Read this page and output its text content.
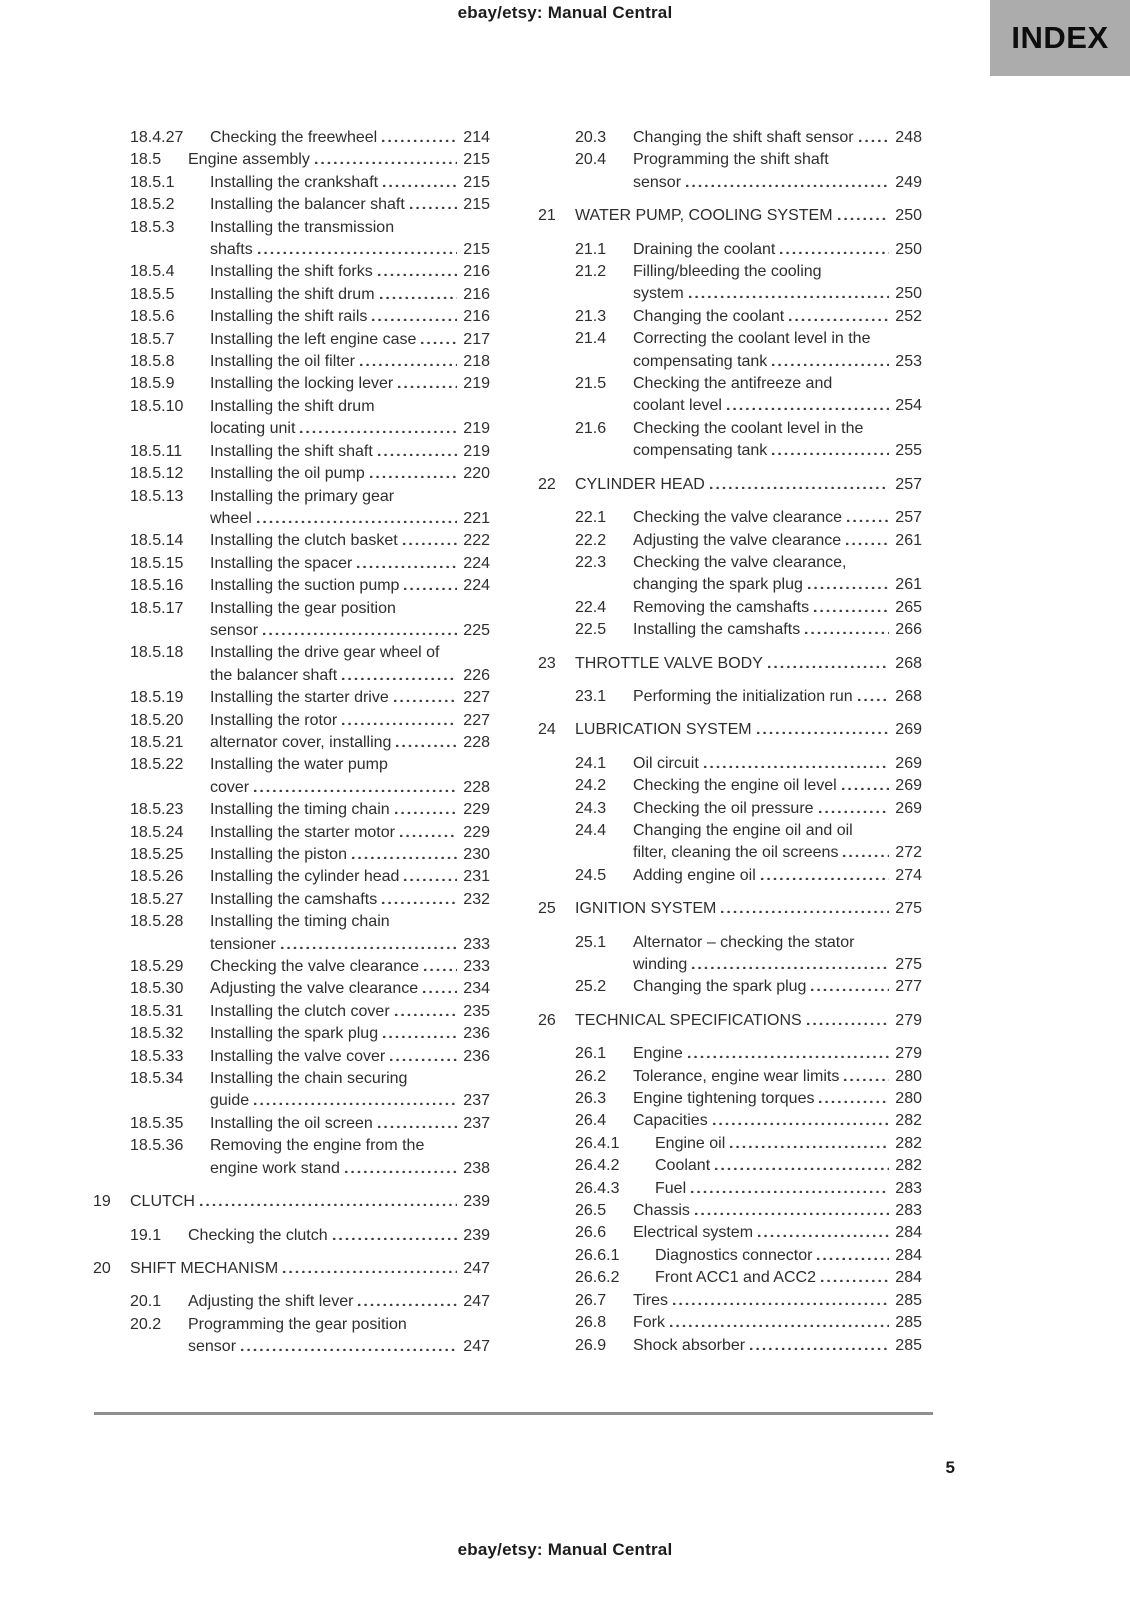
ebay/etsy: Manual Central
INDEX
18.4.27	Checking the freewheel	214
18.5	Engine assembly	215
18.5.1	Installing the crankshaft	215
18.5.2	Installing the balancer shaft	215
18.5.3	Installing the transmission
shafts	215
18.5.4	Installing the shift forks	216
18.5.5	Installing the shift drum	216
18.5.6	Installing the shift rails	216
18.5.7	Installing the left engine case	217
18.5.8	Installing the oil filter	218
18.5.9	Installing the locking lever	219
18.5.10	Installing the shift drum
locating unit	219
18.5.11	Installing the shift shaft	219
18.5.12	Installing the oil pump	220
18.5.13	Installing the primary gear
wheel	221
18.5.14	Installing the clutch basket	222
18.5.15	Installing the spacer	224
18.5.16	Installing the suction pump	224
18.5.17	Installing the gear position
sensor	225
18.5.18	Installing the drive gear wheel of
the balancer shaft	226
18.5.19	Installing the starter drive	227
18.5.20	Installing the rotor	227
18.5.21	alternator cover, installing	228
18.5.22	Installing the water pump
cover	228
18.5.23	Installing the timing chain	229
18.5.24	Installing the starter motor	229
18.5.25	Installing the piston	230
18.5.26	Installing the cylinder head	231
18.5.27	Installing the camshafts	232
18.5.28	Installing the timing chain
tensioner	233
18.5.29	Checking the valve clearance	233
18.5.30	Adjusting the valve clearance	234
18.5.31	Installing the clutch cover	235
18.5.32	Installing the spark plug	236
18.5.33	Installing the valve cover	236
18.5.34	Installing the chain securing
guide	237
18.5.35	Installing the oil screen	237
18.5.36	Removing the engine from the
engine work stand	238
19	CLUTCH	239
19.1	Checking the clutch	239
20	SHIFT MECHANISM	247
20.1	Adjusting the shift lever	247
20.2	Programming the gear position
sensor	247
20.3	Changing the shift shaft sensor	248
20.4	Programming the shift shaft
sensor	249
21	WATER PUMP, COOLING SYSTEM	250
21.1	Draining the coolant	250
21.2	Filling/bleeding the cooling
system	250
21.3	Changing the coolant	252
21.4	Correcting the coolant level in the
compensating tank	253
21.5	Checking the antifreeze and
coolant level	254
21.6	Checking the coolant level in the
compensating tank	255
22	CYLINDER HEAD	257
22.1	Checking the valve clearance	257
22.2	Adjusting the valve clearance	261
22.3	Checking the valve clearance,
changing the spark plug	261
22.4	Removing the camshafts	265
22.5	Installing the camshafts	266
23	THROTTLE VALVE BODY	268
23.1	Performing the initialization run	268
24	LUBRICATION SYSTEM	269
24.1	Oil circuit	269
24.2	Checking the engine oil level	269
24.3	Checking the oil pressure	269
24.4	Changing the engine oil and oil
filter, cleaning the oil screens	272
24.5	Adding engine oil	274
25	IGNITION SYSTEM	275
25.1	Alternator – checking the stator
winding	275
25.2	Changing the spark plug	277
26	TECHNICAL SPECIFICATIONS	279
26.1	Engine	279
26.2	Tolerance, engine wear limits	280
26.3	Engine tightening torques	280
26.4	Capacities	282
26.4.1	Engine oil	282
26.4.2	Coolant	282
26.4.3	Fuel	283
26.5	Chassis	283
26.6	Electrical system	284
26.6.1	Diagnostics connector	284
26.6.2	Front ACC1 and ACC2	284
26.7	Tires	285
26.8	Fork	285
26.9	Shock absorber	285
5
ebay/etsy: Manual Central
